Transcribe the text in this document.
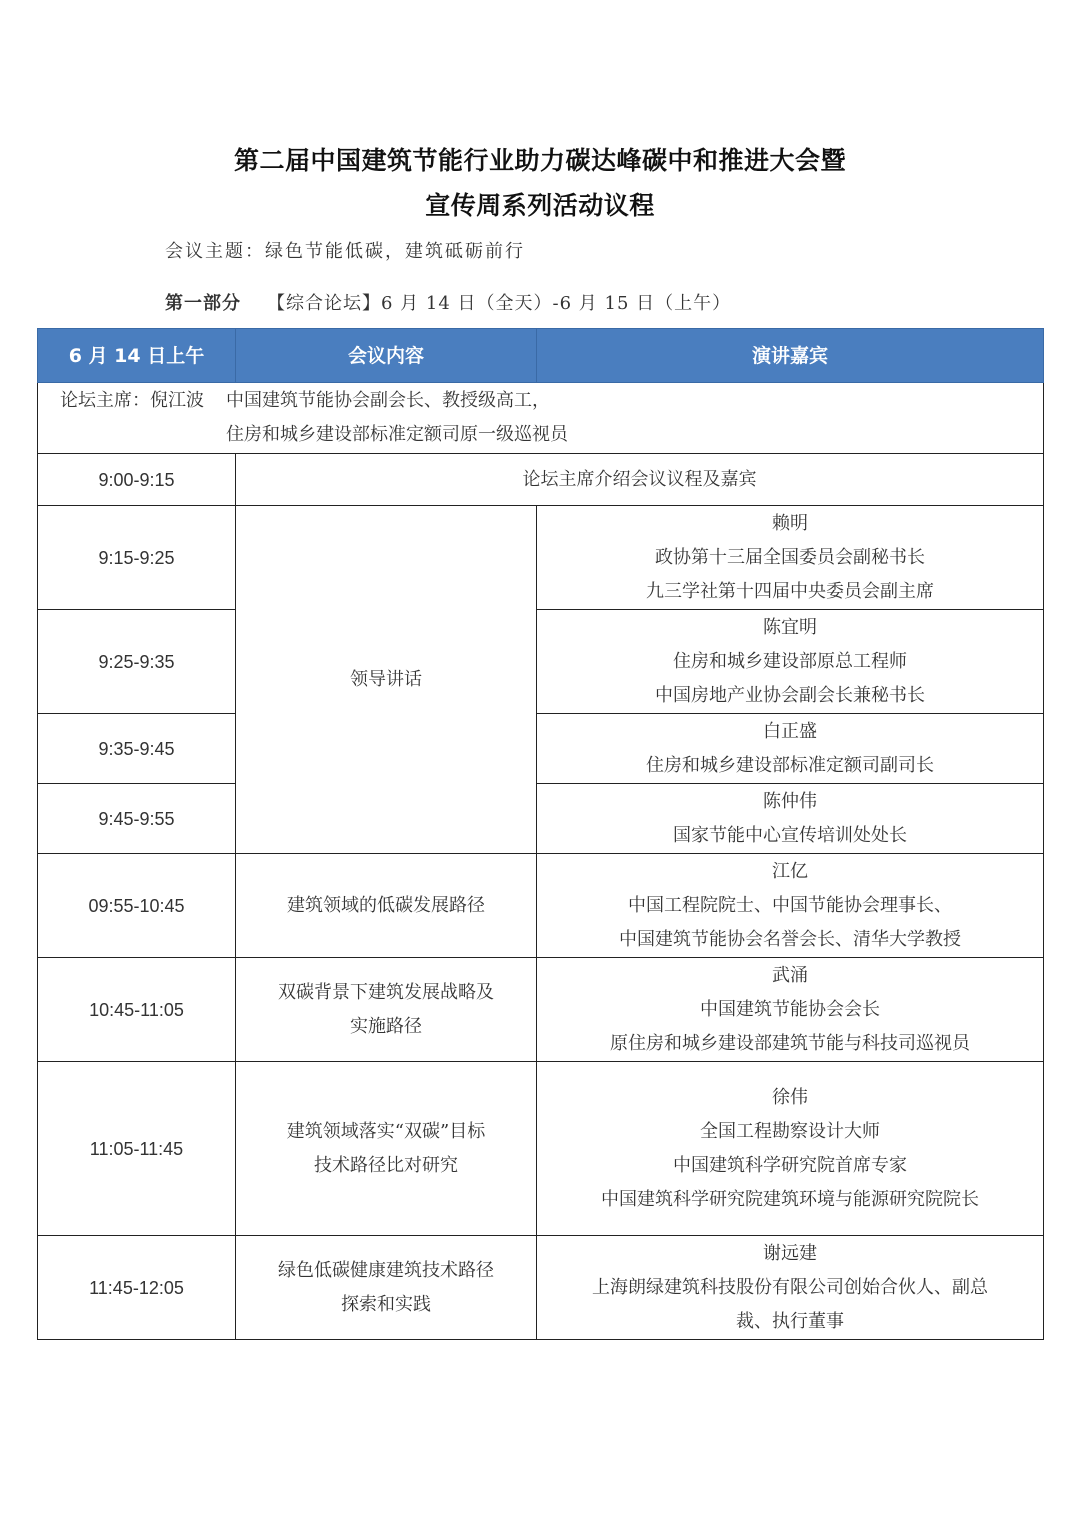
第二届中国建筑节能行业助力碳达峰碳中和推进大会暨
宣传周系列活动议程
会议主题：绿色节能低碳，建筑砥砺前行
第一部分 【综合论坛】6 月 14 日（全天）-6 月 15 日（上午）
6 月 14 日上午	会议内容	演讲嘉宾

论坛主席：倪江波 中国建筑节能协会副会长、教授级高工，
住房和城乡建设部标准定额司原一级巡视员		

9:00-9:15	论坛主席介绍会议议程及嘉宾	
9:15-9:25	领导讲话	赖明
政协第十三届全国委员会副秘书长
九三学社第十四届中央委员会副主席

9:25-9:35		陈宜明
住房和城乡建设部原总工程师
中国房地产业协会副会长兼秘书长

9:35-9:45		白正盛
住房和城乡建设部标准定额司副司长

9:45-9:55		陈仲伟
国家节能中心宣传培训处处长

09:55-10:45	建筑领域的低碳发展路径	江亿
中国工程院院士、中国节能协会理事长、
中国建筑节能协会名誉会长、清华大学教授

10:45-11:05	双碳背景下建筑发展战略及
实施路径	武涌
中国建筑节能协会会长
原住房和城乡建设部建筑节能与科技司巡视员

11:05-11:45	建筑领域落实“双碳”目标
技术路径比对研究	徐伟
全国工程勘察设计大师
中国建筑科学研究院首席专家
中国建筑科学研究院建筑环境与能源研究院院长

11:45-12:05	绿色低碳健康建筑技术路径
探索和实践	谢远建
上海朗绿建筑科技股份有限公司创始合伙人、副总
裁、执行董事
